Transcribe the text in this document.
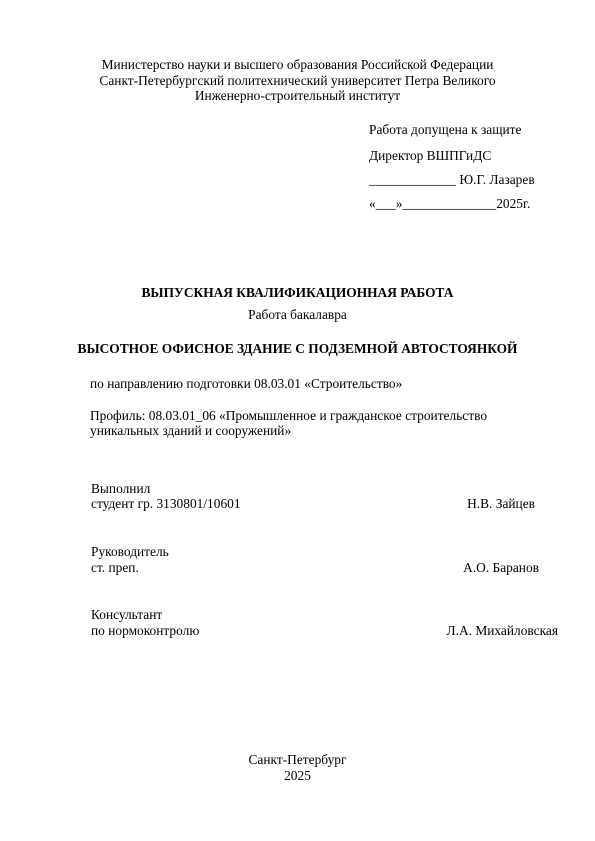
Министерство науки и высшего образования Российской Федерации
Санкт-Петербургский политехнический университет Петра Великого
Инженерно-строительный институт
Работа допущена к защите
Директор ВШПГиДС
_____________ Ю.Г. Лазарев
«___»______________2025г.
ВЫПУСКНАЯ КВАЛИФИКАЦИОННАЯ РАБОТА
Работа бакалавра
ВЫСОТНОЕ ОФИСНОЕ ЗДАНИЕ С ПОДЗЕМНОЙ АВТОСТОЯНКОЙ
по направлению подготовки 08.03.01 «Строительство»
Профиль: 08.03.01_06 «Промышленное и гражданское строительство
уникальных зданий и сооружений»
Выполнил
студент гр. 3130801/10601	Н.В. Зайцев
Руководитель
ст. преп.	А.О. Баранов
Консультант
по нормоконтролю	Л.А. Михайловская
Санкт-Петербург
2025
